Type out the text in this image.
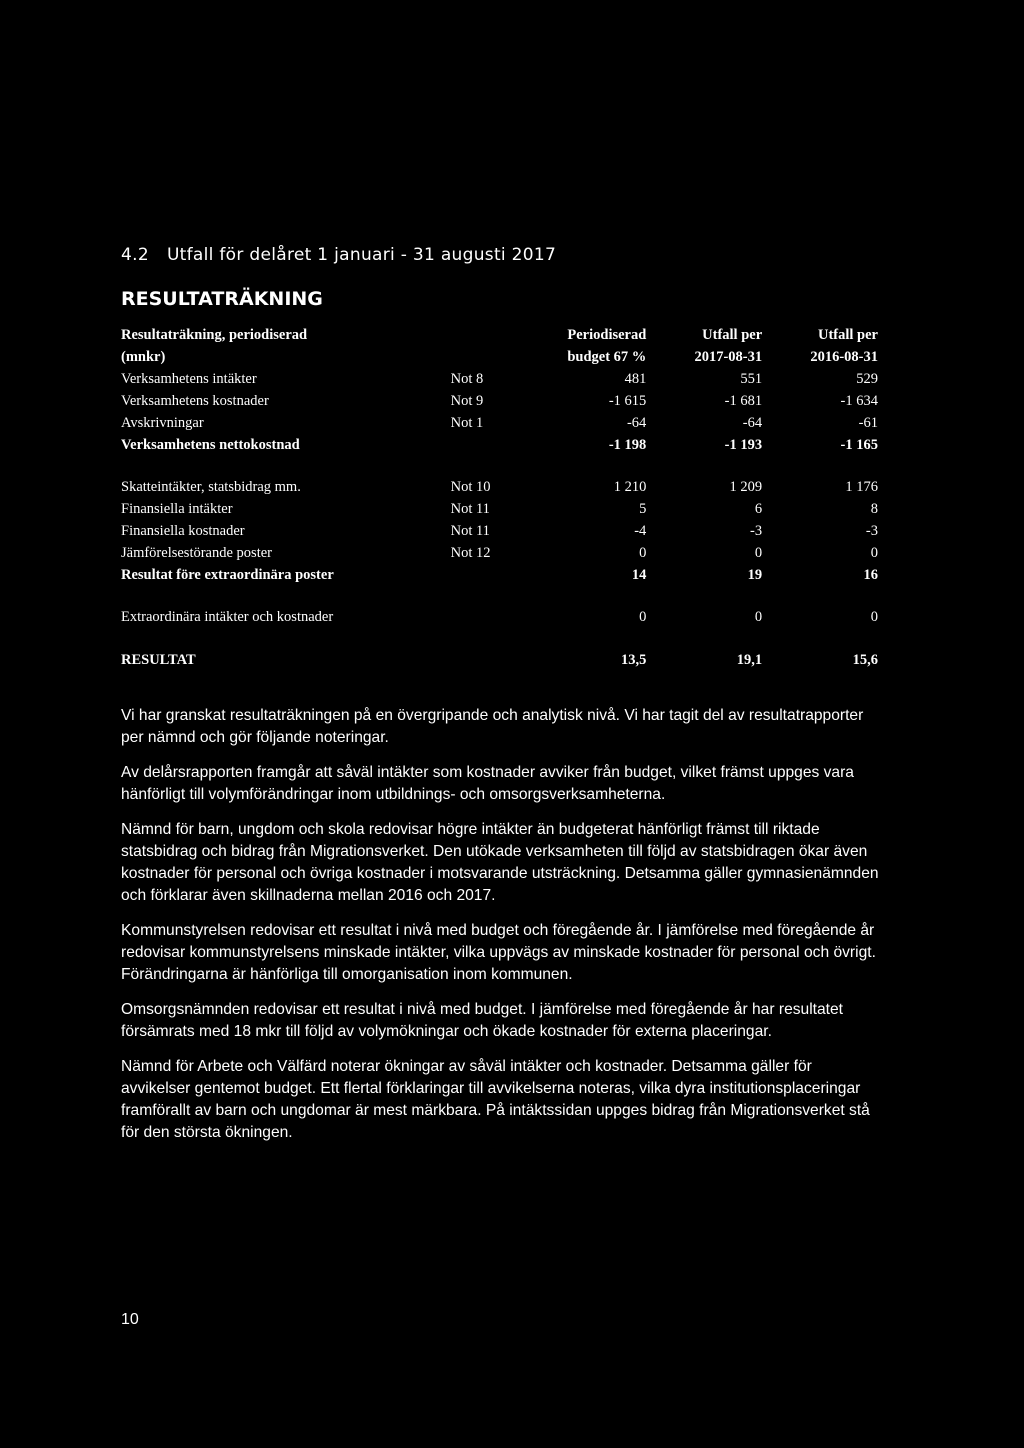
4.2 Utfall för delåret 1 januari - 31 augusti 2017
RESULTATRÄKNING
Resultaträkning, periodiserad		Periodiserad	Utfall per	Utfall per
(mnkr)		budget 67 %	2017-08-31	2016-08-31
Verksamhetens intäkter	Not 8	481	551	529
Verksamhetens kostnader	Not 9	-1 615	-1 681	-1 634
Avskrivningar	Not 1	-64	-64	-61
Verksamhetens nettokostnad		-1 198	-1 193	-1 165

Skatteintäkter, statsbidrag mm.	Not 10	1 210	1 209	1 176
Finansiella intäkter	Not 11	5	6	8
Finansiella kostnader	Not 11	-4	-3	-3
Jämförelsestörande poster	Not 12	0	0	0
Resultat före extraordinära poster		14	19	16

Extraordinära intäkter och kostnader		0	0	0

RESULTAT		13,5	19,1	15,6

Vi har granskat resultaträkningen på en övergripande och analytisk nivå. Vi har tagit del av resultatrapporter per nämnd och gör följande noteringar.

Av delårsrapporten framgår att såväl intäkter som kostnader avviker från budget, vilket främst uppges vara hänförligt till volymförändringar inom utbildnings- och omsorgsverksamheterna.

Nämnd för barn, ungdom och skola redovisar högre intäkter än budgeterat hänförligt främst till riktade statsbidrag och bidrag från Migrationsverket. Den utökade verksamheten till följd av statsbidragen ökar även kostnader för personal och övriga kostnader i motsvarande utsträckning. Detsamma gäller gymnasienämnden och förklarar även skillnaderna mellan 2016 och 2017.

Kommunstyrelsen redovisar ett resultat i nivå med budget och föregående år. I jämförelse med föregående år redovisar kommunstyrelsens minskade intäkter, vilka uppvägs av minskade kostnader för personal och övrigt. Förändringarna är hänförliga till omorganisation inom kommunen.

Omsorgsnämnden redovisar ett resultat i nivå med budget. I jämförelse med föregående år har resultatet försämrats med 18 mkr till följd av volymökningar och ökade kostnader för externa placeringar.

Nämnd för Arbete och Välfärd noterar ökningar av såväl intäkter och kostnader. Detsamma gäller för avvikelser gentemot budget. Ett flertal förklaringar till avvikelserna noteras, vilka dyra institutionsplaceringar framförallt av barn och ungdomar är mest märkbara. På intäktssidan uppges bidrag från Migrationsverket stå för den största ökningen.

10
